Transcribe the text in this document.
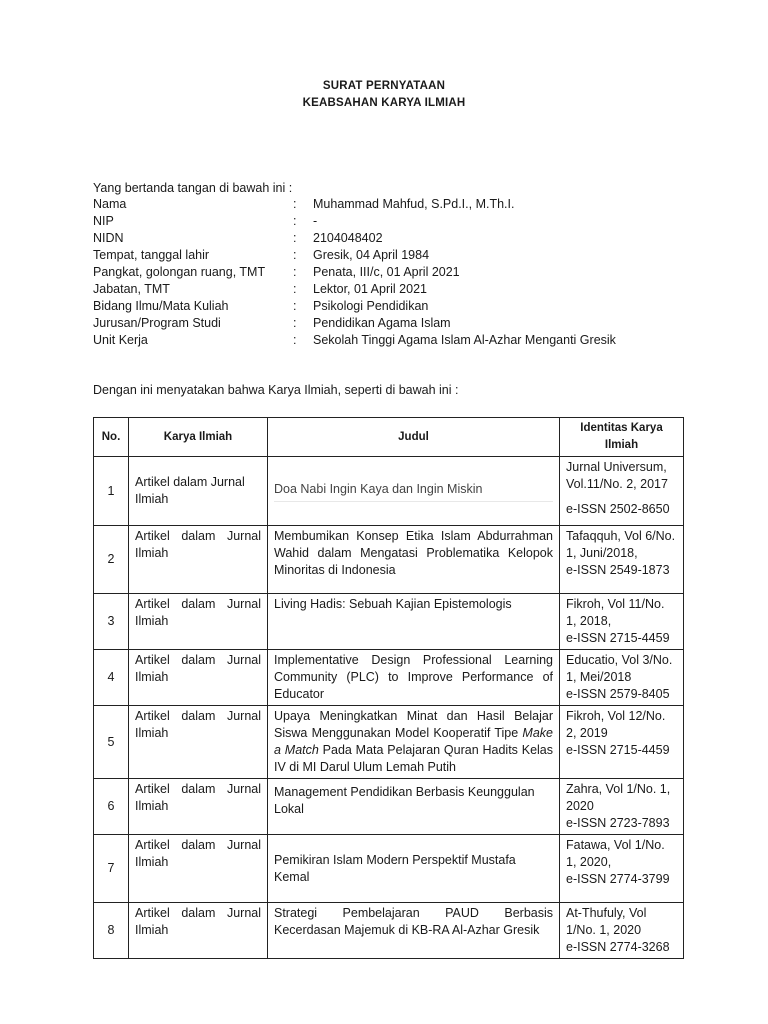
SURAT PERNYATAAN
KEABSAHAN KARYA ILMIAH
Yang bertanda tangan di bawah ini :
Nama	:	Muhammad Mahfud, S.Pd.I., M.Th.I.
NIP	:	-
NIDN	:	2104048402
Tempat, tanggal lahir	:	Gresik, 04 April 1984
Pangkat, golongan ruang, TMT	:	Penata, III/c, 01 April 2021
Jabatan, TMT	:	Lektor, 01 April 2021
Bidang Ilmu/Mata Kuliah	:	Psikologi Pendidikan
Jurusan/Program Studi	:	Pendidikan Agama Islam
Unit Kerja	:	Sekolah Tinggi Agama Islam Al-Azhar Menganti Gresik
Dengan ini menyatakan bahwa Karya Ilmiah, seperti di bawah ini :
No.	Karya Ilmiah	Judul	Identitas Karya Ilmiah
1	Artikel dalam Jurnal Ilmiah	Doa Nabi Ingin Kaya dan Ingin Miskin	Jurnal Universum, Vol.11/No. 2, 2017
e-ISSN 2502-8650

2	Artikel dalam Jurnal Ilmiah	Membumikan Konsep Etika Islam Abdurrahman Wahid dalam Mengatasi Problematika Kelopok Minoritas di Indonesia	Tafaqquh, Vol 6/No. 1, Juni/2018,
e-ISSN 2549-1873

3	Artikel dalam Jurnal Ilmiah	Living Hadis: Sebuah Kajian Epistemologis	Fikroh, Vol 11/No. 1, 2018,
e-ISSN 2715-4459

4	Artikel dalam Jurnal Ilmiah	Implementative Design Professional Learning Community (PLC) to Improve Performance of Educator	Educatio, Vol 3/No. 1, Mei/2018
e-ISSN 2579-8405

5	Artikel dalam Jurnal Ilmiah	Upaya Meningkatkan Minat dan Hasil Belajar Siswa Menggunakan Model Kooperatif Tipe Make a Match Pada Mata Pelajaran Quran Hadits Kelas IV di MI Darul Ulum Lemah Putih	Fikroh, Vol 12/No. 2, 2019
e-ISSN 2715-4459

6	Artikel dalam Jurnal Ilmiah	Management Pendidikan Berbasis Keunggulan Lokal	Zahra, Vol 1/No. 1, 2020
e-ISSN 2723-7893

7	Artikel dalam Jurnal Ilmiah	Pemikiran Islam Modern Perspektif Mustafa Kemal	Fatawa, Vol 1/No. 1, 2020,
e-ISSN 2774-3799

8	Artikel dalam Jurnal Ilmiah	Strategi Pembelajaran PAUD Berbasis Kecerdasan Majemuk di KB-RA Al-Azhar Gresik	At-Thufuly, Vol 1/No. 1, 2020
e-ISSN 2774-3268
